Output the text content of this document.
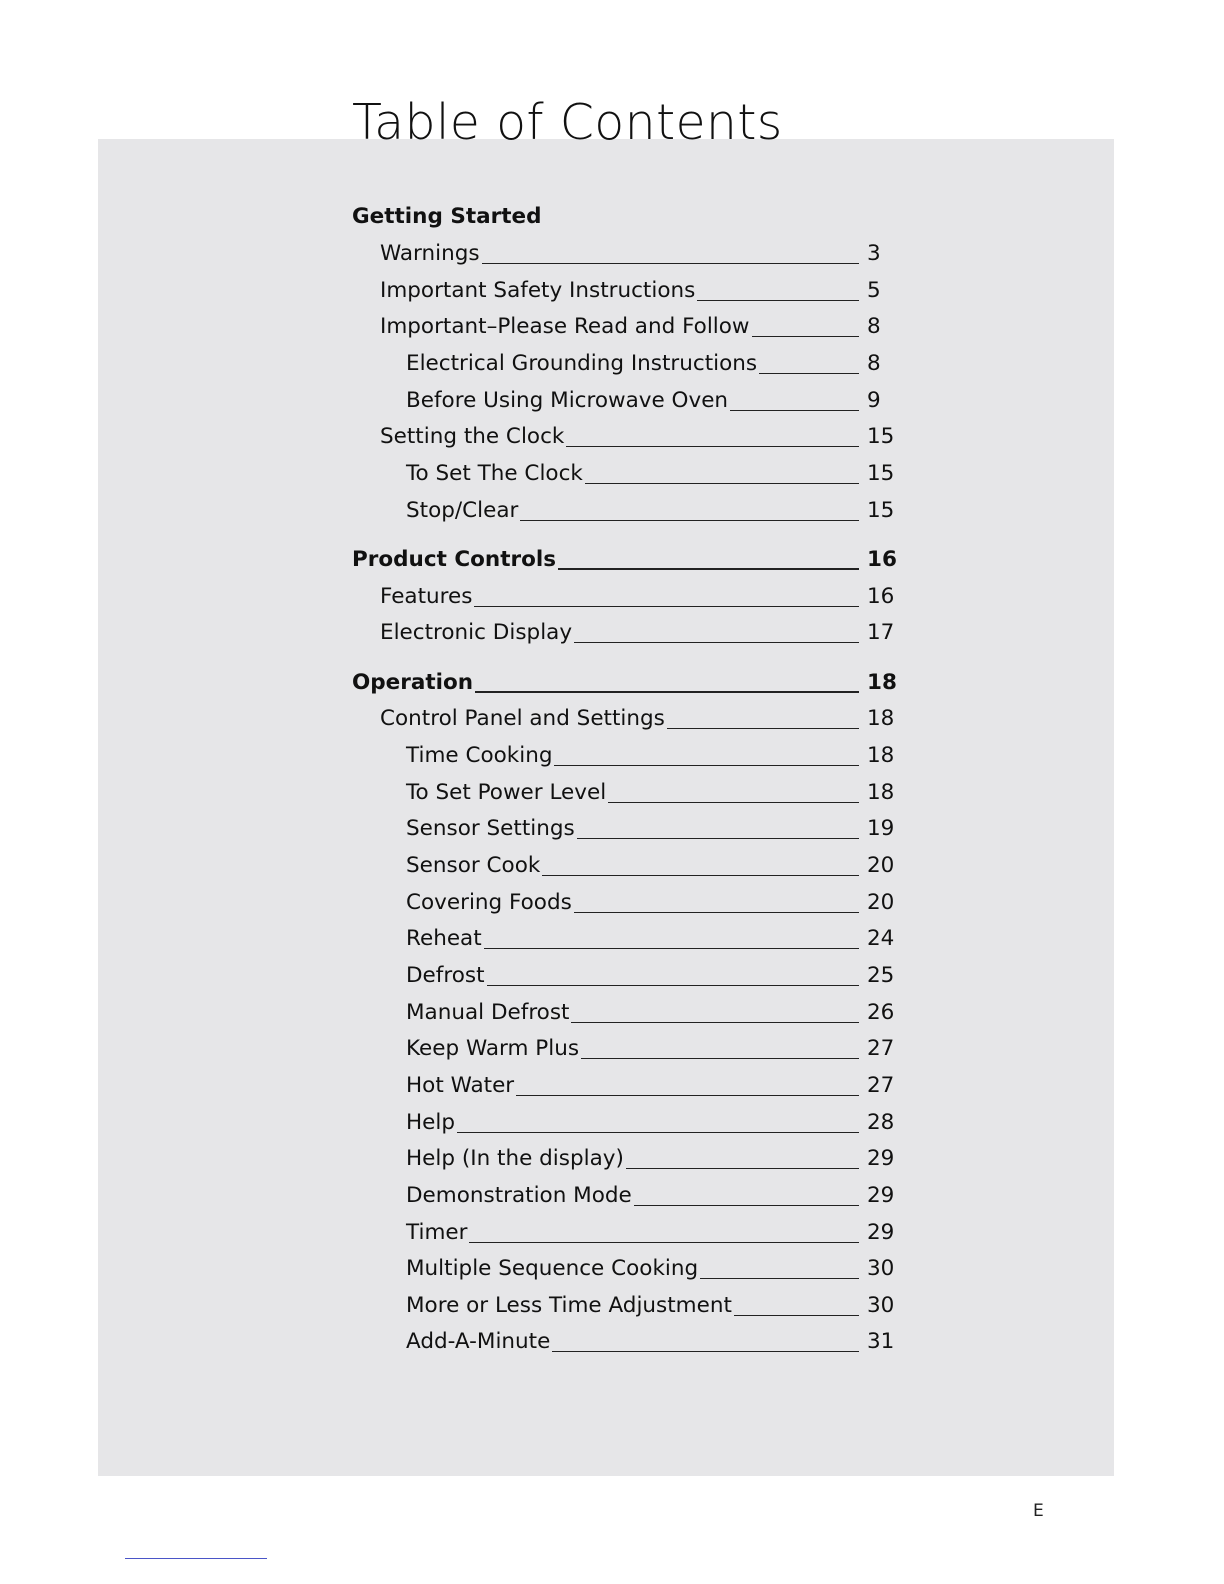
Table of Contents
Getting Started
Warnings	3
Important Safety Instructions	5
Important–Please Read and Follow	8
Electrical Grounding Instructions	8
Before Using Microwave Oven	9
Setting the Clock	15
To Set The Clock	15
Stop/Clear	15
Product Controls	16
Features	16
Electronic Display	17
Operation	18
Control Panel and Settings	18
Time Cooking	18
To Set Power Level	18
Sensor Settings	19
Sensor Cook	20
Covering Foods	20
Reheat	24
Defrost	25
Manual Defrost	26
Keep Warm Plus	27
Hot Water	27
Help	28
Help (In the display)	29
Demonstration Mode	29
Timer	29
Multiple Sequence Cooking	30
More or Less Time Adjustment	30
Add-A-Minute	31
E
